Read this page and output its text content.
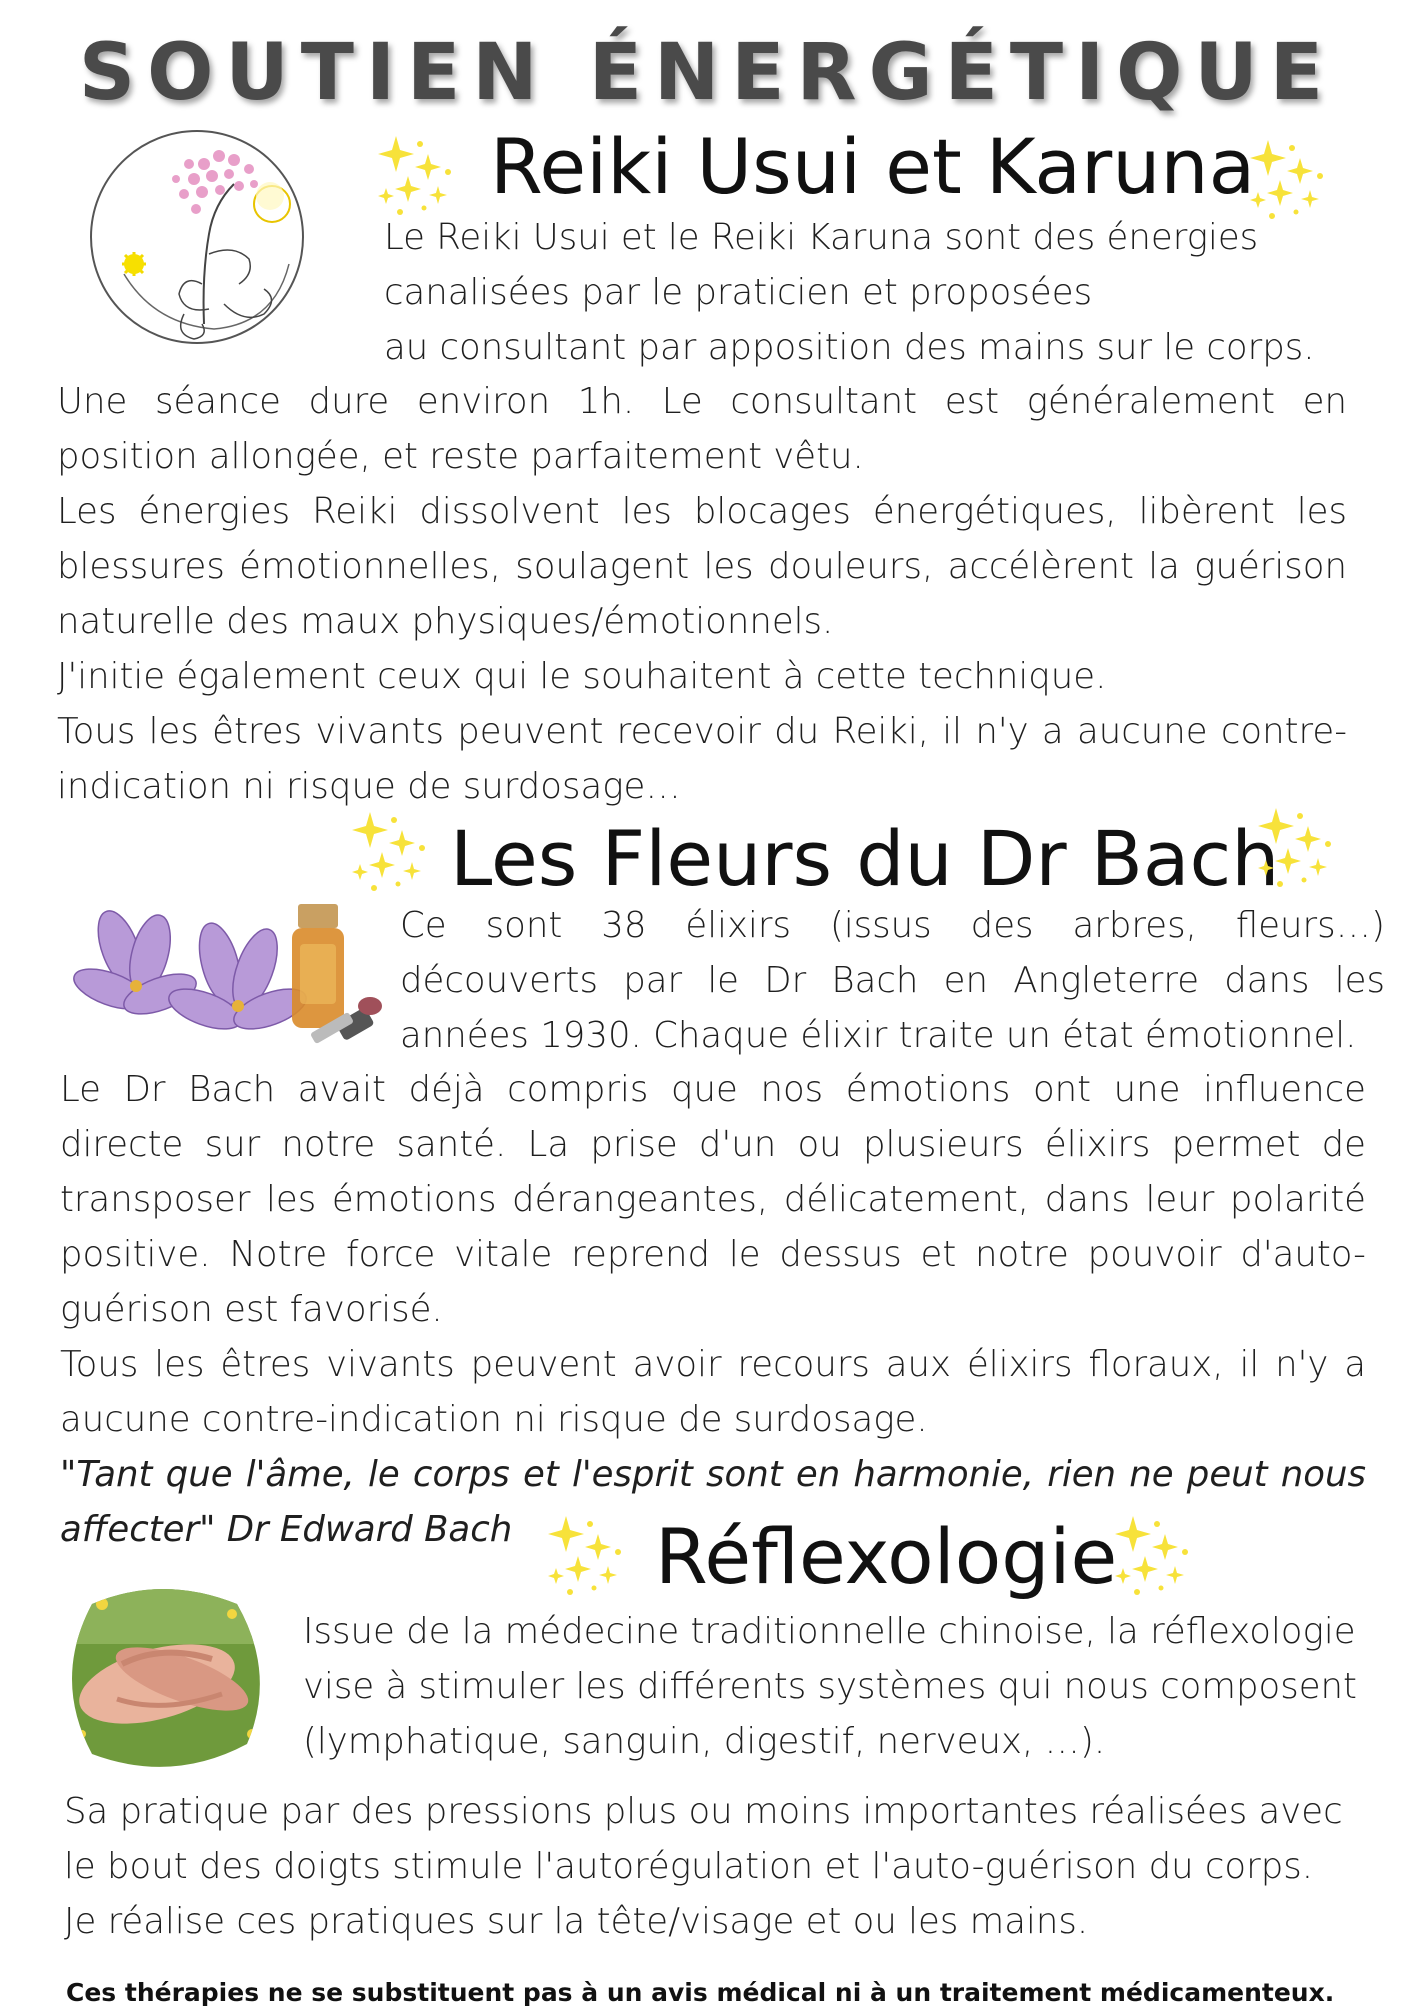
SOUTIEN ÉNERGÉTIQUE
Reiki Usui et Karuna
Le Reiki Usui et le Reiki Karuna sont des énergies
canalisées par le praticien et proposées
au consultant par apposition des mains sur le corps.
Une séance dure environ 1h. Le consultant est généralement en position allongée, et reste parfaitement vêtu.
Les énergies Reiki dissolvent les blocages énergétiques, libèrent les blessures émotionnelles, soulagent les douleurs, accélèrent la guérison naturelle des maux physiques/émotionnels.
J'initie également ceux qui le souhaitent à cette technique.
Tous les êtres vivants peuvent recevoir du Reiki, il n'y a aucune contre-indication ni risque de surdosage…
Les Fleurs du Dr Bach
Ce sont 38 élixirs (issus des arbres, fleurs…) découverts par le Dr Bach en Angleterre dans les années 1930. Chaque élixir traite un état émotionnel.
Le Dr Bach avait déjà compris que nos émotions ont une influence directe sur notre santé. La prise d'un ou plusieurs élixirs permet de transposer les émotions dérangeantes, délicatement, dans leur polarité positive. Notre force vitale reprend le dessus et notre pouvoir d'auto-guérison est favorisé.
Tous les êtres vivants peuvent avoir recours aux élixirs floraux, il n'y a aucune contre-indication ni risque de surdosage.
"Tant que l'âme, le corps et l'esprit sont en harmonie, rien ne peut nous affecter" Dr Edward Bach	Réflexologie
Issue de la médecine traditionnelle chinoise, la réflexologie
vise à stimuler les différents systèmes qui nous composent
(lymphatique, sanguin, digestif, nerveux, …).
Sa pratique par des pressions plus ou moins importantes réalisées avec
le bout des doigts stimule l'autorégulation et l'auto-guérison du corps.
Je réalise ces pratiques sur la tête/visage et ou les mains.
Ces thérapies ne se substituent pas à un avis médical ni à un traitement médicamenteux.
